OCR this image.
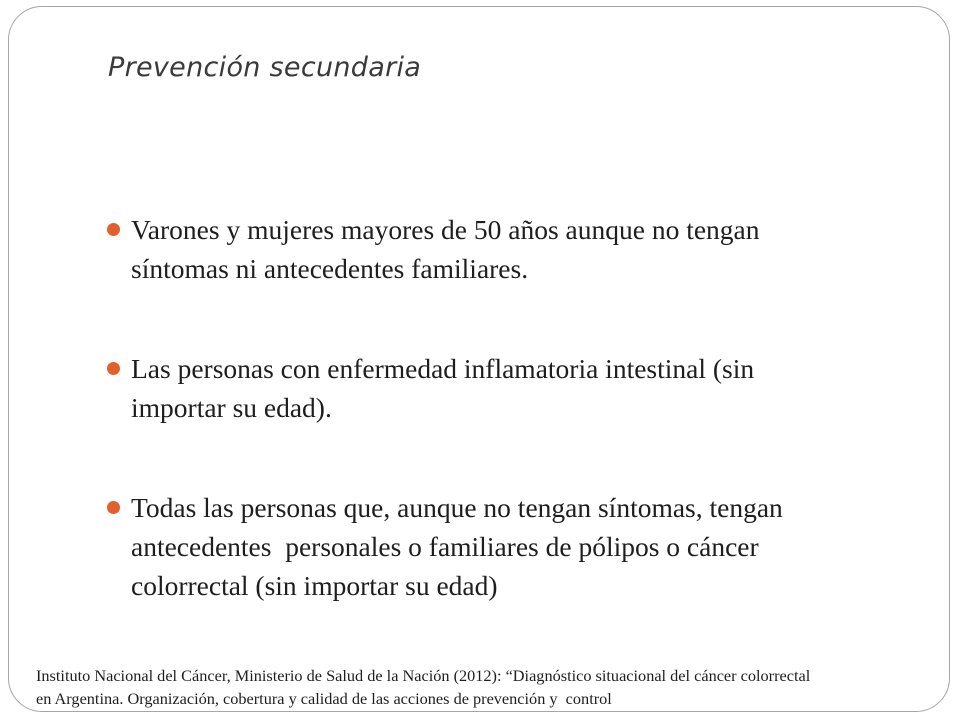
Prevención secundaria
Varones y mujeres mayores de 50 años aunque no tengan
síntomas ni antecedentes familiares.
Las personas con enfermedad inflamatoria intestinal (sin
importar su edad).
Todas las personas que, aunque no tengan síntomas, tengan
antecedentes  personales o familiares de pólipos o cáncer
colorrectal (sin importar su edad)
Instituto Nacional del Cáncer, Ministerio de Salud de la Nación (2012): “Diagnóstico situacional del cáncer colorrectal
en Argentina. Organización, cobertura y calidad de las acciones de prevención y  control
